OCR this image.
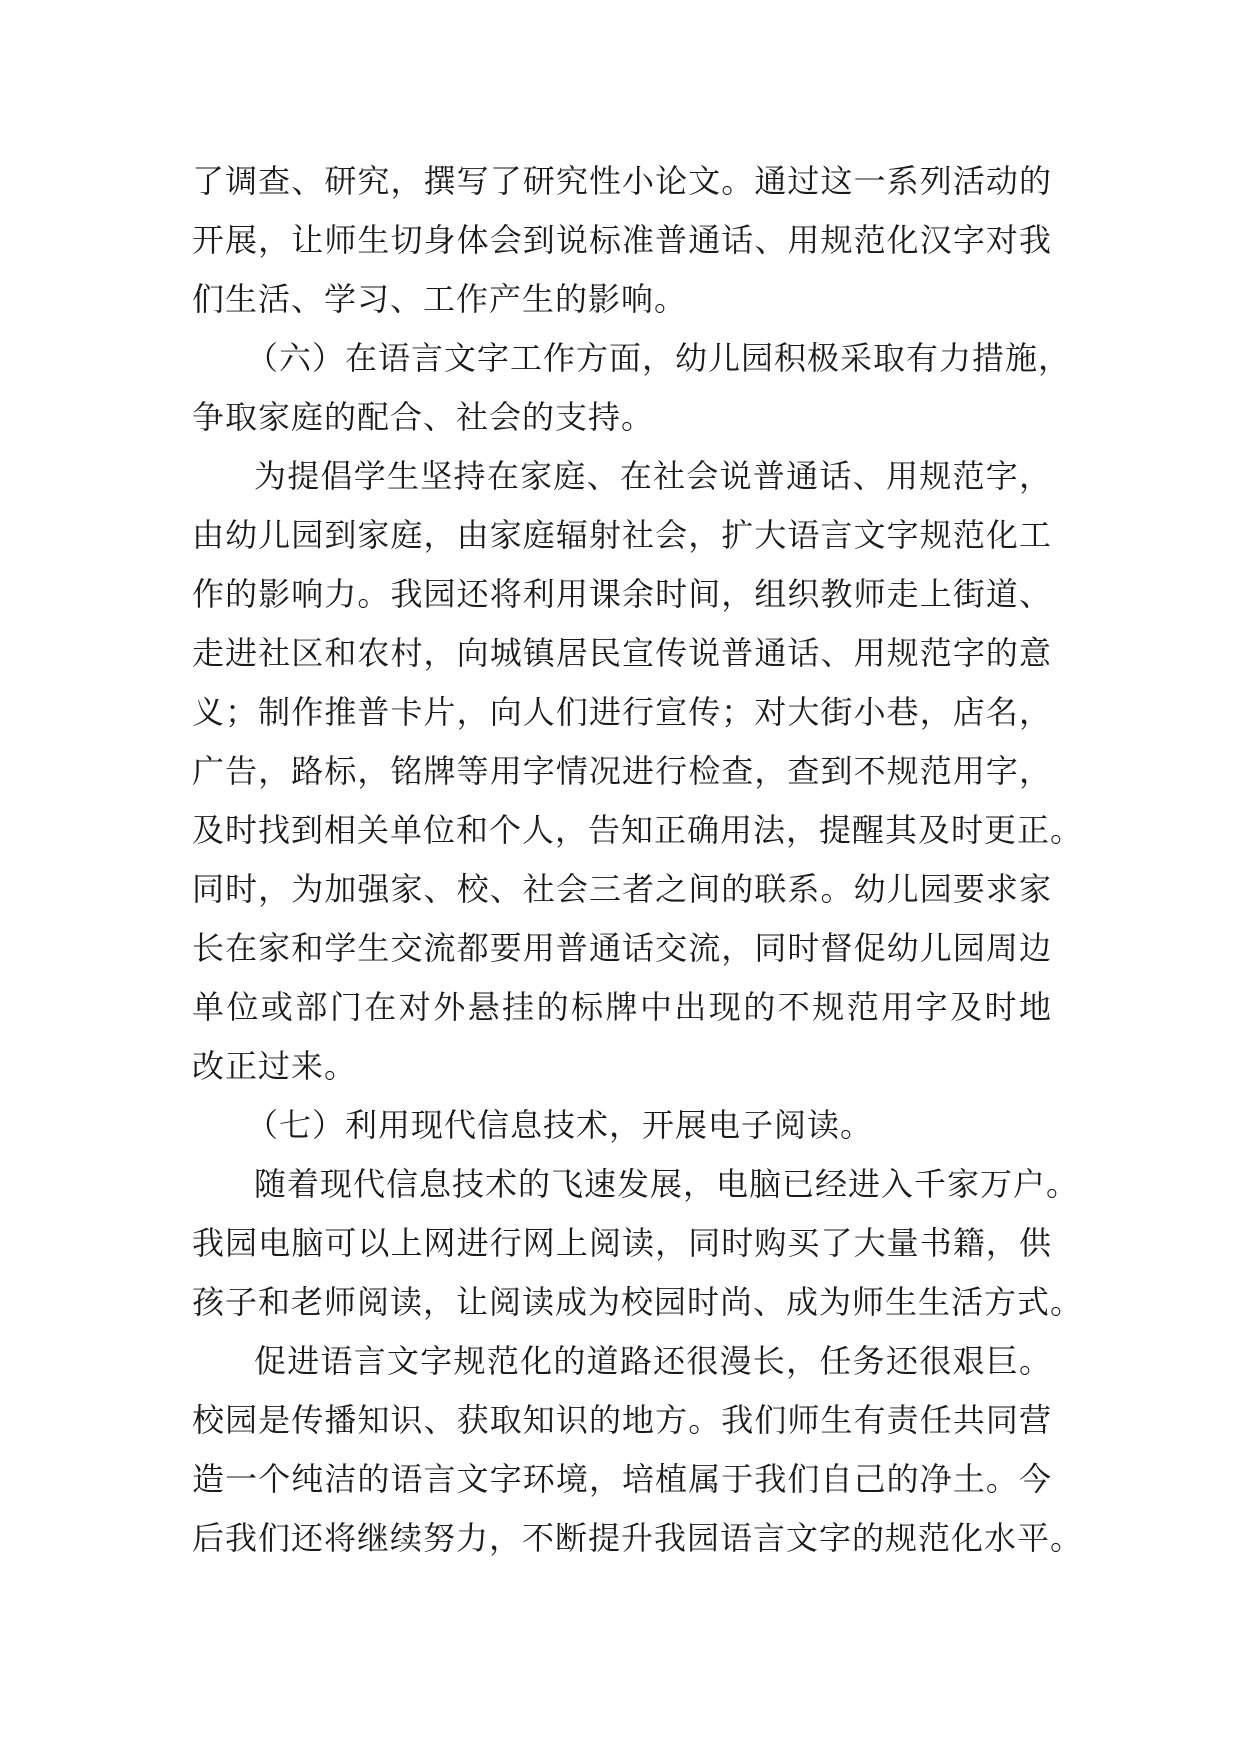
了调查、研究，撰写了研究性小论文。通过这一系列活动的
开展，让师生切身体会到说标准普通话、用规范化汉字对我
们生活、学习、工作产生的影响。
（六）在语言文字工作方面，幼儿园积极采取有力措施，
争取家庭的配合、社会的支持。
为提倡学生坚持在家庭、在社会说普通话、用规范字，
由幼儿园到家庭，由家庭辐射社会，扩大语言文字规范化工
作的影响力。我园还将利用课余时间，组织教师走上街道、
走进社区和农村，向城镇居民宣传说普通话、用规范字的意
义；制作推普卡片，向人们进行宣传；对大街小巷，店名，
广告，路标，铭牌等用字情况进行检查，查到不规范用字，
及时找到相关单位和个人，告知正确用法，提醒其及时更正。
同时，为加强家、校、社会三者之间的联系。幼儿园要求家
长在家和学生交流都要用普通话交流，同时督促幼儿园周边
单位或部门在对外悬挂的标牌中出现的不规范用字及时地
改正过来。
（七）利用现代信息技术，开展电子阅读。
随着现代信息技术的飞速发展，电脑已经进入千家万户。
我园电脑可以上网进行网上阅读，同时购买了大量书籍，供
孩子和老师阅读，让阅读成为校园时尚、成为师生生活方式。
促进语言文字规范化的道路还很漫长，任务还很艰巨。
校园是传播知识、获取知识的地方。我们师生有责任共同营
造一个纯洁的语言文字环境，培植属于我们自己的净土。今
后我们还将继续努力，不断提升我园语言文字的规范化水平。
